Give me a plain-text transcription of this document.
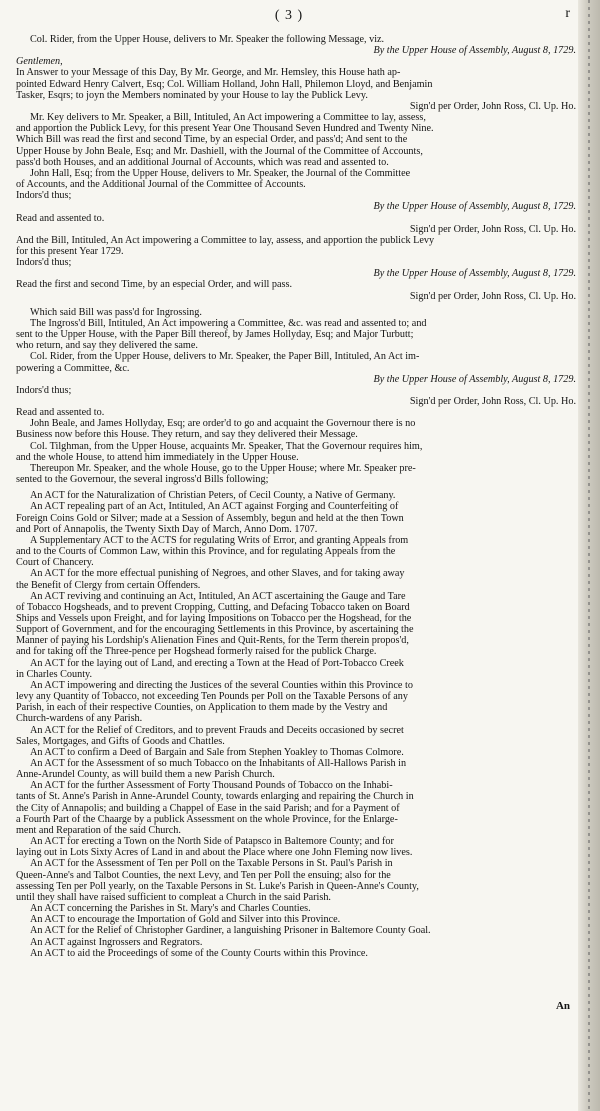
( 3 )	r
Col. Rider, from the Upper House, delivers to Mr. Speaker the following Message, viz.
By the Upper House of Assembly, August 8, 1729.
Gentlemen,
In Answer to your Message of this Day, By Mr. George, and Mr. Hemsley, this House hath ap-
pointed Edward Henry Calvert, Esq; Col. William Holland, John Hall, Philemon Lloyd, and Benjamin
Tasker, Esqrs; to joyn the Members nominated by your House to lay the Publick Levy.
Sign'd per Order, John Ross, Cl. Up. Ho.
Mr. Key delivers to Mr. Speaker, a Bill, Intituled, An Act impowering a Committee to lay, assess,
and apportion the Publick Levy, for this present Year One Thousand Seven Hundred and Twenty Nine.
Which Bill was read the first and second Time, by an especial Order, and pass'd; And sent to the
Upper House by John Beale, Esq; and Mr. Dashiell, with the Journal of the Committee of Accounts,
pass'd both Houses, and an additional Journal of Accounts, which was read and assented to.
John Hall, Esq; from the Upper House, delivers to Mr. Speaker, the Journal of the Committee
of Accounts, and the Additional Journal of the Committee of Accounts.
Indors'd thus;
By the Upper House of Assembly, August 8, 1729.
Read and assented to.
Sign'd per Order, John Ross, Cl. Up. Ho.
And the Bill, Intituled, An Act impowering a Committee to lay, assess, and apportion the publick Levy
for this present Year 1729.
Indors'd thus;
By the Upper House of Assembly, August 8, 1729.
Read the first and second Time, by an especial Order, and will pass.
Sign'd per Order, John Ross, Cl. Up. Ho.
Which said Bill was pass'd for Ingrossing.
The Ingross'd Bill, Intituled, An Act impowering a Committee, &c. was read and assented to; and
sent to the Upper House, with the Paper Bill thereof, by James Hollyday, Esq; and Major Turbutt;
who return, and say they delivered the same.
Col. Rider, from the Upper House, delivers to Mr. Speaker, the Paper Bill, Intituled, An Act im-
powering a Committee, &c.
By the Upper House of Assembly, August 8, 1729.
Indors'd thus;
Sign'd per Order, John Ross, Cl. Up. Ho.
Read and assented to.
John Beale, and James Hollyday, Esq; are order'd to go and acquaint the Governour there is no
Business now before this House. They return, and say they delivered their Message.
Col. Tilghman, from the Upper House, acquaints Mr. Speaker, That the Governour requires him,
and the whole House, to attend him immediately in the Upper House.
Thereupon Mr. Speaker, and the whole House, go to the Upper House; where Mr. Speaker pre-
sented to the Governour, the several ingross'd Bills following;
An ACT for the Naturalization of Christian Peters, of Cecil County, a Native of Germany.
An ACT repealing part of an Act, Intituled, An ACT against Forging and Counterfeiting of
Foreign Coins Gold or Silver; made at a Session of Assembly, begun and held at the then Town
and Port of Annapolis, the Twenty Sixth Day of March, Anno Dom. 1707.
A Supplementary ACT to the ACTS for regulating Writs of Error, and granting Appeals from
and to the Courts of Common Law, within this Province, and for regulating Appeals from the
Court of Chancery.
An ACT for the more effectual punishing of Negroes, and other Slaves, and for taking away
the Benefit of Clergy from certain Offenders.
An ACT reviving and continuing an Act, Intituled, An ACT ascertaining the Gauge and Tare
of Tobacco Hogsheads, and to prevent Cropping, Cutting, and Defacing Tobacco taken on Board
Ships and Vessels upon Freight, and for laying Impositions on Tobacco per the Hogshead, for the
Support of Government, and for the encouraging Settlements in this Province, by ascertaining the
Manner of paying his Lordship's Alienation Fines and Quit-Rents, for the Term therein propos'd,
and for taking off the Three-pence per Hogshead formerly raised for the publick Charge.
An ACT for the laying out of Land, and erecting a Town at the Head of Port-Tobacco Creek
in Charles County.
An ACT impowering and directing the Justices of the several Counties within this Province to
levy any Quantity of Tobacco, not exceeding Ten Pounds per Poll on the Taxable Persons of any
Parish, in each of their respective Counties, on Application to them made by the Vestry and
Church-wardens of any Parish.
An ACT for the Relief of Creditors, and to prevent Frauds and Deceits occasioned by secret
Sales, Mortgages, and Gifts of Goods and Chattles.
An ACT to confirm a Deed of Bargain and Sale from Stephen Yoakley to Thomas Colmore.
An ACT for the Assessment of so much Tobacco on the Inhabitants of All-Hallows Parish in
Anne-Arundel County, as will build them a new Parish Church.
An ACT for the further Assessment of Forty Thousand Pounds of Tobacco on the Inhabi-
tants of St. Anne's Parish in Anne-Arundel County, towards enlarging and repairing the Church in
the City of Annapolis; and building a Chappel of Ease in the said Parish; and for a Payment of
a Fourth Part of the Chaarge by a publick Assessment on the whole Province, for the Enlarge-
ment and Reparation of the said Church.
An ACT for erecting a Town on the North Side of Patapsco in Baltemore County; and for
laying out in Lots Sixty Acres of Land in and about the Place where one John Fleming now lives.
An ACT for the Assessment of Ten per Poll on the Taxable Persons in St. Paul's Parish in
Queen-Anne's and Talbot Counties, the next Levy, and Ten per Poll the ensuing; also for the
assessing Ten per Poll yearly, on the Taxable Persons in St. Luke's Parish in Queen-Anne's County,
until they shall have raised sufficient to compleat a Church in the said Parish.
An ACT concerning the Parishes in St. Mary's and Charles Counties.
An ACT to encourage the Importation of Gold and Silver into this Province.
An ACT for the Relief of Christopher Gardiner, a languishing Prisoner in Baltemore County Goal.
An ACT against Ingrossers and Regrators.
An ACT to aid the Proceedings of some of the County Courts within this Province.
An
